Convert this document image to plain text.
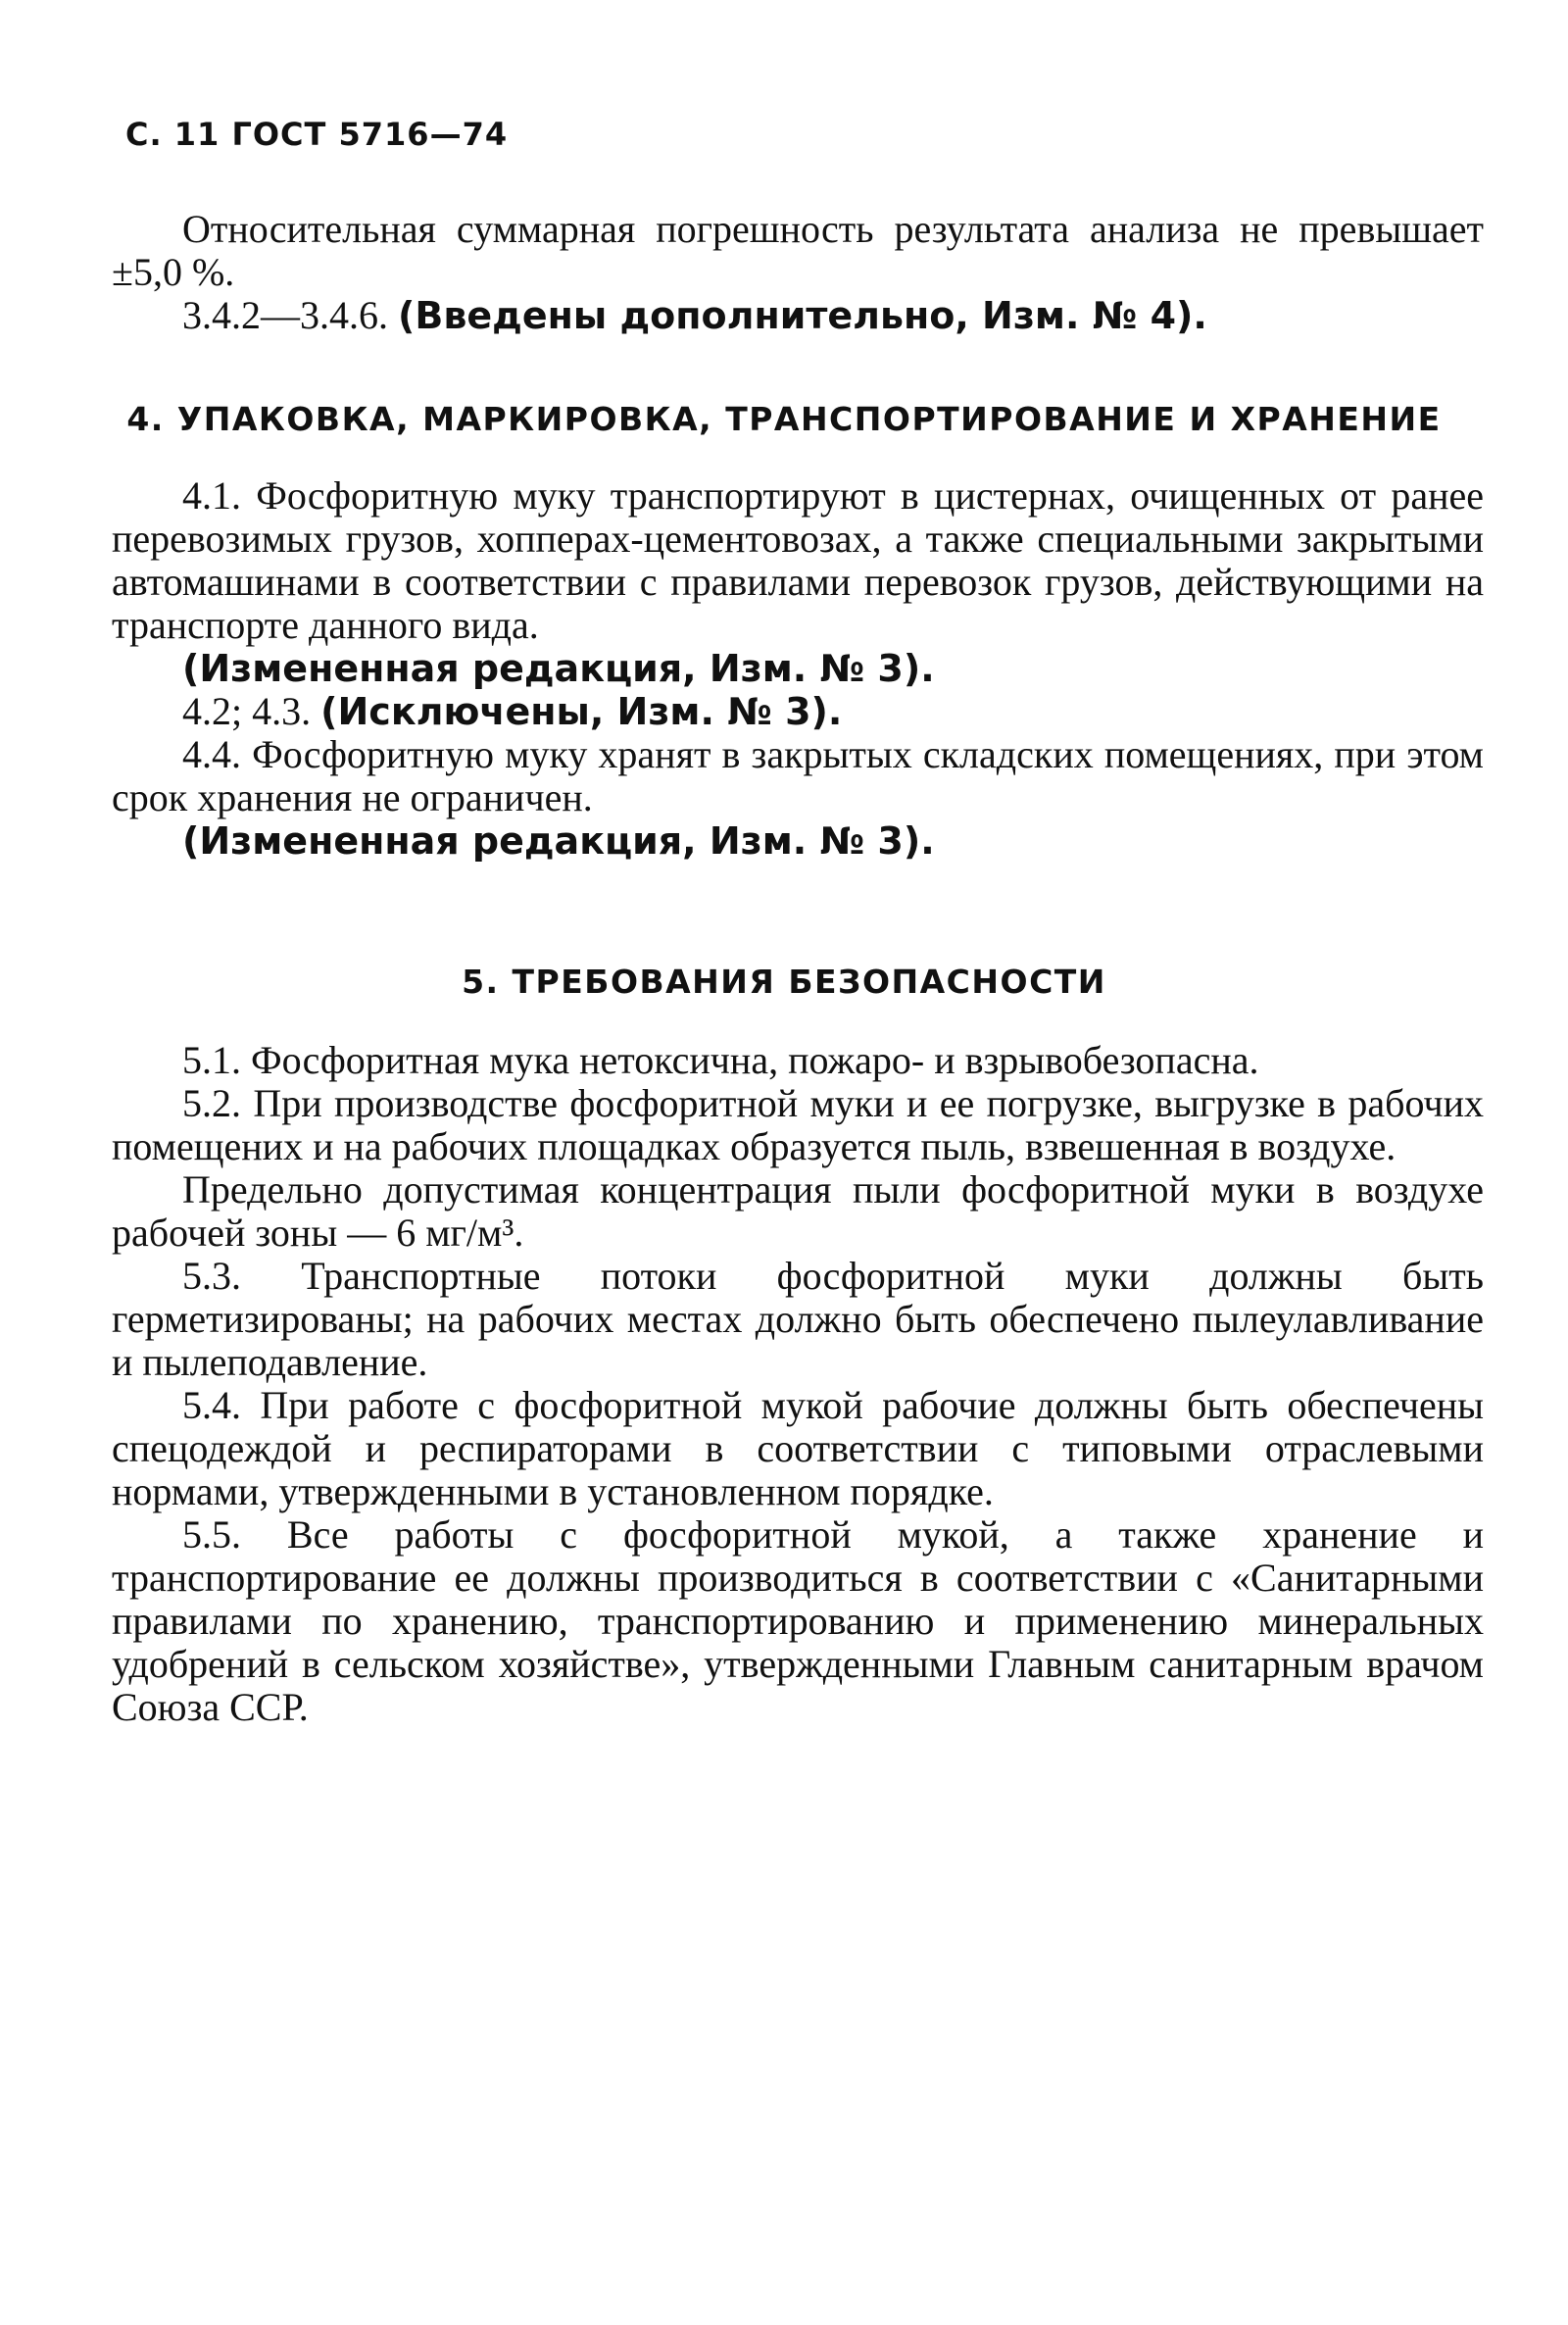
С. 11 ГОСТ 5716—74

Относительная суммарная погрешность результата анализа не превышает ±5,0 %.

3.4.2—3.4.6. (Введены дополнительно, Изм. № 4).

4. УПАКОВКА, МАРКИРОВКА, ТРАНСПОРТИРОВАНИЕ И ХРАНЕНИЕ

4.1. Фосфоритную муку транспортируют в цистернах, очищенных от ранее перевозимых грузов, хопперах-цементовозах, а также специальными закрытыми автомашинами в соответствии с правилами перевозок грузов, действующими на транспорте данного вида.

(Измененная редакция, Изм. № 3).

4.2; 4.3. (Исключены, Изм. № 3).

4.4. Фосфоритную муку хранят в закрытых складских помещениях, при этом срок хранения не ограничен.

(Измененная редакция, Изм. № 3).

5. ТРЕБОВАНИЯ БЕЗОПАСНОСТИ

5.1. Фосфоритная мука нетоксична, пожаро- и взрывобезопасна.

5.2. При производстве фосфоритной муки и ее погрузке, выгрузке в рабочих помещених и на рабочих площадках образуется пыль, взвешенная в воздухе.

Предельно допустимая концентрация пыли фосфоритной муки в воздухе рабочей зоны — 6 мг/м³.

5.3. Транспортные потоки фосфоритной муки должны быть герметизированы; на рабочих местах должно быть обеспечено пылеулавливание и пылеподавление.

5.4. При работе с фосфоритной мукой рабочие должны быть обеспечены спецодеждой и респираторами в соответствии с типовыми отраслевыми нормами, утвержденными в установленном порядке.

5.5. Все работы с фосфоритной мукой, а также хранение и транспортирование ее должны производиться в соответствии с «Санитарными правилами по хранению, транспортированию и применению минеральных удобрений в сельском хозяйстве», утвержденными Главным санитарным врачом Союза ССР.
